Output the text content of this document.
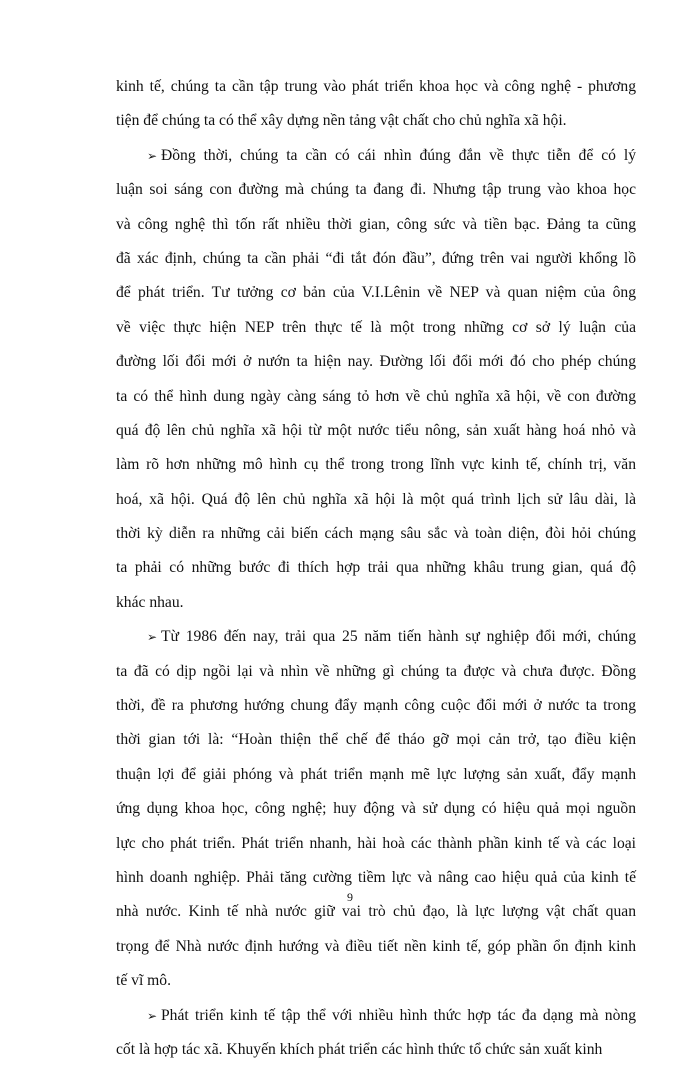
kinh tế, chúng ta cần tập trung vào phát triển khoa học và công nghệ - phương
tiện để chúng ta có thể xây dựng nền tảng vật chất cho chủ nghĩa xã hội.
➢ Đồng thời, chúng ta cần có cái nhìn đúng đắn về thực tiễn để có lý
luận soi sáng con đường mà chúng ta đang đi. Nhưng tập trung vào khoa học
và công nghệ thì tốn rất nhiều thời gian, công sức và tiền bạc. Đảng ta cũng
đã xác định, chúng ta cần phải “đi tắt đón đầu”, đứng trên vai người khổng lồ
để phát triển. Tư tưởng cơ bản của V.I.Lênin về NEP và quan niệm của ông
về việc thực hiện NEP trên thực tế là một trong những cơ sở lý luận của
đường lối đổi mới ở nướn ta hiện nay. Đường lối đổi mới đó cho phép chúng
ta có thể hình dung ngày càng sáng tỏ hơn về chủ nghĩa xã hội, về con đường
quá độ lên chủ nghĩa xã hội từ một nước tiểu nông, sản xuất hàng hoá nhỏ và
làm rõ hơn những mô hình cụ thể trong trong lĩnh vực kinh tế, chính trị, văn
hoá, xã hội. Quá độ lên chủ nghĩa xã hội là một quá trình lịch sử lâu dài, là
thời kỳ diễn ra những cải biến cách mạng sâu sắc và toàn diện, đòi hỏi chúng
ta phải có những bước đi thích hợp trải qua những khâu trung gian, quá độ
khác nhau.
➢ Từ 1986 đến nay, trải qua 25 năm tiến hành sự nghiệp đổi mới, chúng
ta đã có dịp ngồi lại và nhìn về những gì chúng ta được và chưa được. Đồng
thời, đề ra phương hướng chung đẩy mạnh công cuộc đổi mới ở nước ta trong
thời gian tới là: “Hoàn thiện thể chế để tháo gỡ mọi cản trở, tạo điều kiện
thuận lợi để giải phóng và phát triển mạnh mẽ lực lượng sản xuất, đẩy mạnh
ứng dụng khoa học, công nghệ; huy động và sử dụng có hiệu quả mọi nguồn
lực cho phát triển. Phát triển nhanh, hài hoà các thành phần kinh tế và các loại
hình doanh nghiệp. Phải tăng cường tiềm lực và nâng cao hiệu quả của kinh tế
nhà nước. Kinh tế nhà nước giữ vai trò chủ đạo, là lực lượng vật chất quan
trọng để Nhà nước định hướng và điều tiết nền kinh tế, góp phần ổn định kinh
tế vĩ mô.
➢ Phát triển kinh tế tập thể với nhiều hình thức hợp tác đa dạng mà nòng
cốt là hợp tác xã. Khuyến khích phát triển các hình thức tổ chức sản xuất kinh
9
